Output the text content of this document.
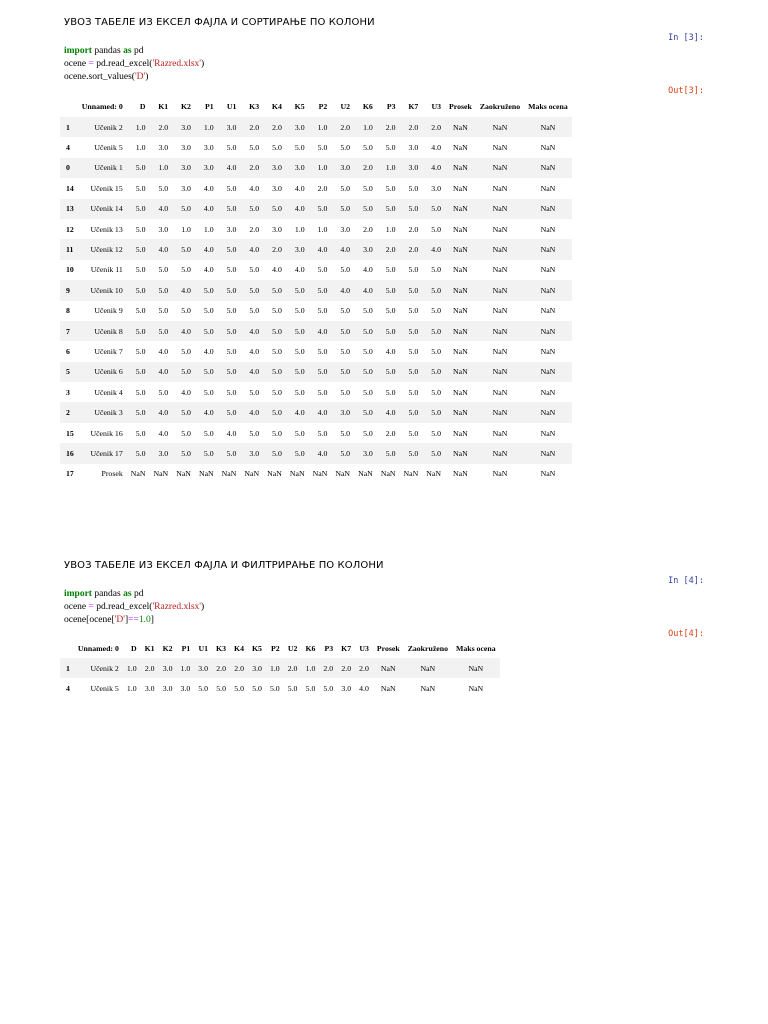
УВОЗ ТАБЕЛЕ ИЗ ЕКСЕЛ ФАЈЛА И СОРТИРАЊЕ ПО КОЛОНИ
In [3]:
import pandas as pd
ocene = pd.read_excel('Razred.xlsx')
ocene.sort_values('D')
Out[3]:
	Unnamed: 0	D	K1	K2	P1	U1	K3	K4	K5	P2	U2	K6	P3	K7	U3	Prosek	Zaokruženo	Maks ocena
1	Učenik 2	1.0	2.0	3.0	1.0	3.0	2.0	2.0	3.0	1.0	2.0	1.0	2.0	2.0	2.0	NaN	NaN	NaN
4	Učenik 5	1.0	3.0	3.0	3.0	5.0	5.0	5.0	5.0	5.0	5.0	5.0	5.0	3.0	4.0	NaN	NaN	NaN
0	Učenik 1	5.0	1.0	3.0	3.0	4.0	2.0	3.0	3.0	1.0	3.0	2.0	1.0	3.0	4.0	NaN	NaN	NaN
14	Učenik 15	5.0	5.0	3.0	4.0	5.0	4.0	3.0	4.0	2.0	5.0	5.0	5.0	5.0	3.0	NaN	NaN	NaN
13	Učenik 14	5.0	4.0	5.0	4.0	5.0	5.0	5.0	4.0	5.0	5.0	5.0	5.0	5.0	5.0	NaN	NaN	NaN
12	Učenik 13	5.0	3.0	1.0	1.0	3.0	2.0	3.0	1.0	1.0	3.0	2.0	1.0	2.0	5.0	NaN	NaN	NaN
11	Učenik 12	5.0	4.0	5.0	4.0	5.0	4.0	2.0	3.0	4.0	4.0	3.0	2.0	2.0	4.0	NaN	NaN	NaN
10	Učenik 11	5.0	5.0	5.0	4.0	5.0	5.0	4.0	4.0	5.0	5.0	4.0	5.0	5.0	5.0	NaN	NaN	NaN
9	Učenik 10	5.0	5.0	4.0	5.0	5.0	5.0	5.0	5.0	5.0	4.0	4.0	5.0	5.0	5.0	NaN	NaN	NaN
8	Učenik 9	5.0	5.0	5.0	5.0	5.0	5.0	5.0	5.0	5.0	5.0	5.0	5.0	5.0	5.0	NaN	NaN	NaN
7	Učenik 8	5.0	5.0	4.0	5.0	5.0	4.0	5.0	5.0	4.0	5.0	5.0	5.0	5.0	5.0	NaN	NaN	NaN
6	Učenik 7	5.0	4.0	5.0	4.0	5.0	4.0	5.0	5.0	5.0	5.0	5.0	4.0	5.0	5.0	NaN	NaN	NaN
5	Učenik 6	5.0	4.0	5.0	5.0	5.0	4.0	5.0	5.0	5.0	5.0	5.0	5.0	5.0	5.0	NaN	NaN	NaN
3	Učenik 4	5.0	5.0	4.0	5.0	5.0	5.0	5.0	5.0	5.0	5.0	5.0	5.0	5.0	5.0	NaN	NaN	NaN
2	Učenik 3	5.0	4.0	5.0	4.0	5.0	4.0	5.0	4.0	4.0	3.0	5.0	4.0	5.0	5.0	NaN	NaN	NaN
15	Učenik 16	5.0	4.0	5.0	5.0	4.0	5.0	5.0	5.0	5.0	5.0	5.0	2.0	5.0	5.0	NaN	NaN	NaN
16	Učenik 17	5.0	3.0	5.0	5.0	5.0	3.0	5.0	5.0	4.0	5.0	3.0	5.0	5.0	5.0	NaN	NaN	NaN
17	Prosek	NaN	NaN	NaN	NaN	NaN	NaN	NaN	NaN	NaN	NaN	NaN	NaN	NaN	NaN	NaN	NaN	NaN
УВОЗ ТАБЕЛЕ ИЗ ЕКСЕЛ ФАЈЛА И ФИЛТРИРАЊЕ ПО КОЛОНИ
In [4]:
import pandas as pd
ocene = pd.read_excel('Razred.xlsx')
ocene[ocene['D']==1.0]
Out[4]:
	Unnamed: 0	D	K1	K2	P1	U1	K3	K4	K5	P2	U2	K6	P3	K7	U3	Prosek	Zaokruženo	Maks ocena
1	Učenik 2	1.0	2.0	3.0	1.0	3.0	2.0	2.0	3.0	1.0	2.0	1.0	2.0	2.0	2.0	NaN	NaN	NaN
4	Učenik 5	1.0	3.0	3.0	3.0	5.0	5.0	5.0	5.0	5.0	5.0	5.0	5.0	3.0	4.0	NaN	NaN	NaN
